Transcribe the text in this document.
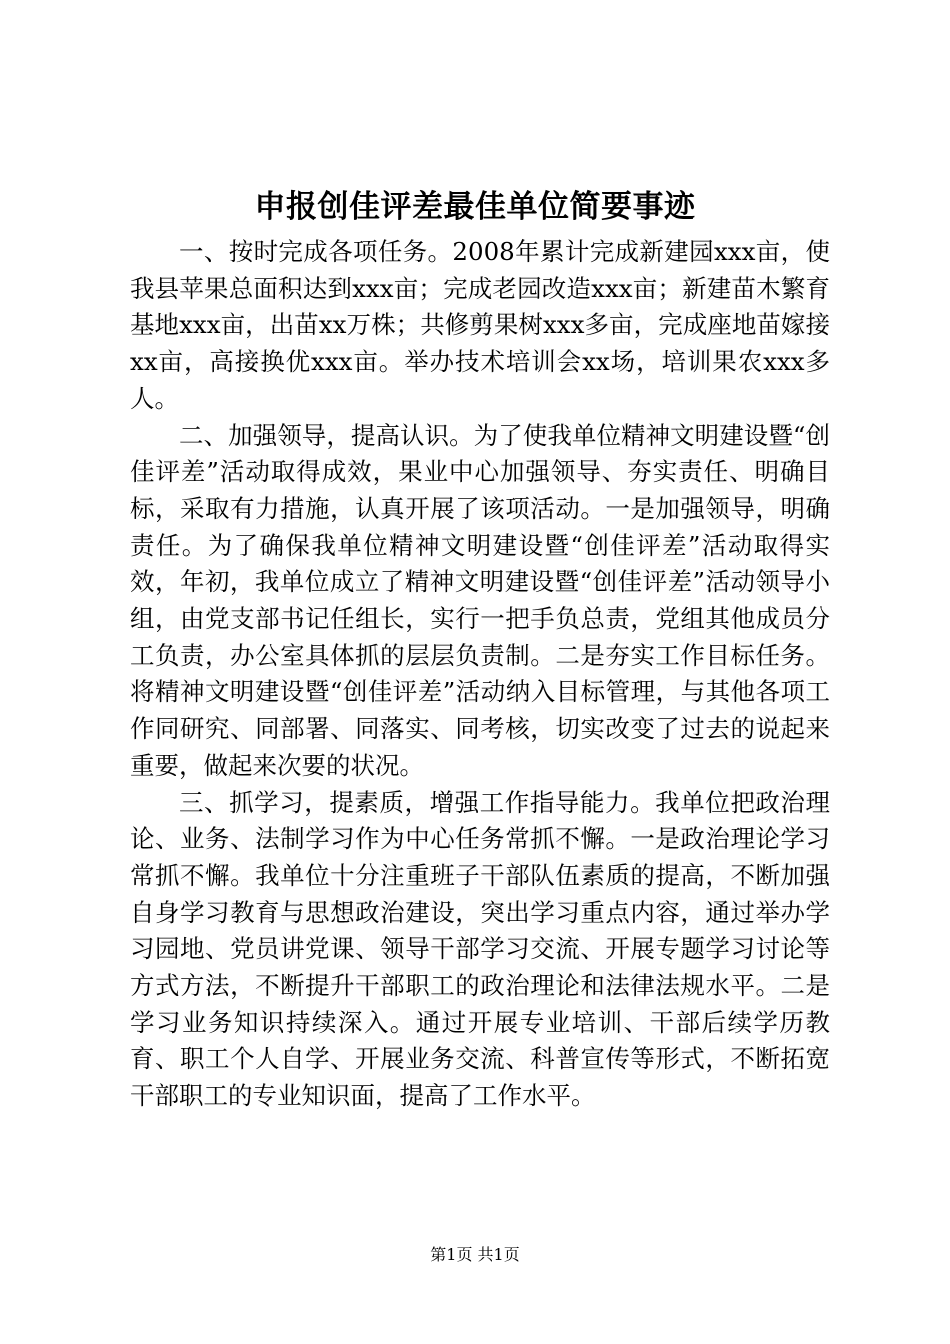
申报创佳评差最佳单位简要事迹

一、按时完成各项任务。2008年累计完成新建园xxx亩，使我县苹果总面积达到xxx亩；完成老园改造xxx亩；新建苗木繁育基地xxx亩，出苗xx万株；共修剪果树xxx多亩，完成座地苗嫁接xx亩，高接换优xxx亩。举办技术培训会xx场，培训果农xxx多人。

二、加强领导，提高认识。为了使我单位精神文明建设暨“创佳评差”活动取得成效，果业中心加强领导、夯实责任、明确目标，采取有力措施，认真开展了该项活动。一是加强领导，明确责任。为了确保我单位精神文明建设暨“创佳评差”活动取得实效，年初，我单位成立了精神文明建设暨“创佳评差”活动领导小组，由党支部书记任组长，实行一把手负总责，党组其他成员分工负责，办公室具体抓的层层负责制。二是夯实工作目标任务。将精神文明建设暨“创佳评差”活动纳入目标管理，与其他各项工作同研究、同部署、同落实、同考核，切实改变了过去的说起来重要，做起来次要的状况。

三、抓学习，提素质，增强工作指导能力。我单位把政治理论、业务、法制学习作为中心任务常抓不懈。一是政治理论学习常抓不懈。我单位十分注重班子干部队伍素质的提高，不断加强自身学习教育与思想政治建设，突出学习重点内容，通过举办学习园地、党员讲党课、领导干部学习交流、开展专题学习讨论等方式方法，不断提升干部职工的政治理论和法律法规水平。二是学习业务知识持续深入。通过开展专业培训、干部后续学历教育、职工个人自学、开展业务交流、科普宣传等形式，不断拓宽干部职工的专业知识面，提高了工作水平。

第1页 共1页
